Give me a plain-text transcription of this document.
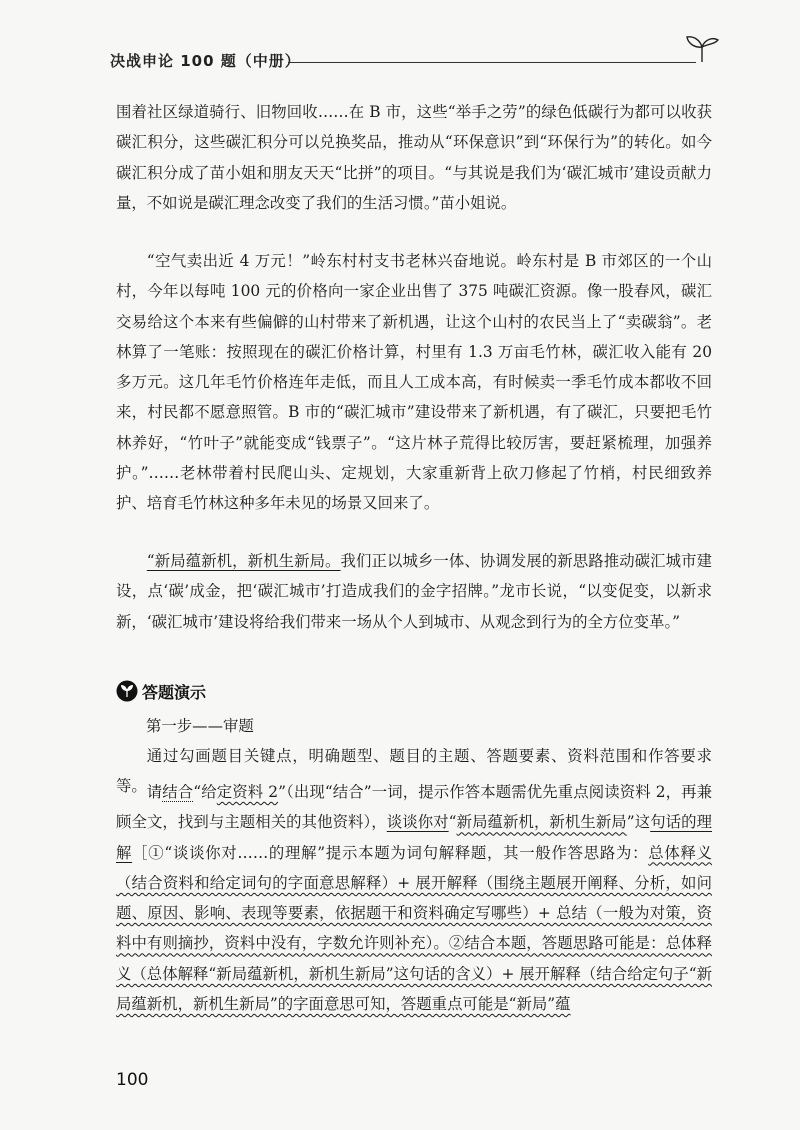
决战申论 100 题（中册）

围着社区绿道骑行、旧物回收……在 B 市，这些“举手之劳”的绿色低碳行为都可以收获碳汇积分，这些碳汇积分可以兑换奖品，推动从“环保意识”到“环保行为”的转化。如今碳汇积分成了苗小姐和朋友天天“比拼”的项目。“与其说是我们为‘碳汇城市’建设贡献力量，不如说是碳汇理念改变了我们的生活习惯。”苗小姐说。

“空气卖出近 4 万元！”岭东村村支书老林兴奋地说。岭东村是 B 市郊区的一个山村，今年以每吨 100 元的价格向一家企业出售了 375 吨碳汇资源。像一股春风，碳汇交易给这个本来有些偏僻的山村带来了新机遇，让这个山村的农民当上了“卖碳翁”。老林算了一笔账：按照现在的碳汇价格计算，村里有 1.3 万亩毛竹林，碳汇收入能有 20 多万元。这几年毛竹价格连年走低，而且人工成本高，有时候卖一季毛竹成本都收不回来，村民都不愿意照管。B 市的“碳汇城市”建设带来了新机遇，有了碳汇，只要把毛竹林养好，“竹叶子”就能变成“钱票子”。“这片林子荒得比较厉害，要赶紧梳理，加强养护。”……老林带着村民爬山头、定规划，大家重新背上砍刀修起了竹梢，村民细致养护、培育毛竹林这种多年未见的场景又回来了。

“新局蕴新机，新机生新局。我们正以城乡一体、协调发展的新思路推动碳汇城市建设，点‘碳’成金，把‘碳汇城市’打造成我们的金字招牌。”龙市长说，“以变促变，以新求新，‘碳汇城市’建设将给我们带来一场从个人到城市、从观念到行为的全方位变革。”

答题演示
第一步——审题

通过勾画题目关键点，明确题型、题目的主题、答题要素、资料范围和作答要求等。 请结合“给定资料 2”（出现“结合”一词，提示作答本题需优先重点阅读资料 2，再兼顾全文，找到与主题相关的其他资料），谈谈你对“新局蕴新机，新机生新局”这句话的理解［①“谈谈你对……的理解”提示本题为词句解释题，其一般作答思路为：总体释义（结合资料和给定词句的字面意思解释）+ 展开解释（围绕主题展开阐释、分析，如问题、原因、影响、表现等要素，依据题干和资料确定写哪些）+ 总结（一般为对策，资料中有则摘抄，资料中没有，字数允许则补充）。②结合本题，答题思路可能是：总体释义（总体解释“新局蕴新机，新机生新局”这句话的含义）+ 展开解释（结合给定句子“新局蕴新机，新机生新局”的字面意思可知，答题重点可能是“新局”蕴

100
